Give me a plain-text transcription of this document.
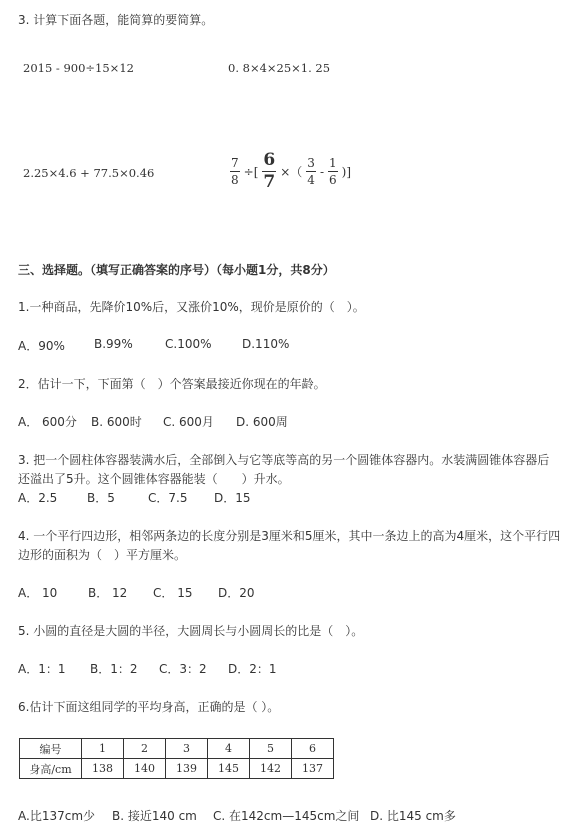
3. 计算下面各题，能简算的要简算。
2015 - 900÷15×12	0. 8×4×25×1. 25
2.25×4.6 + 77.5×0.46	$\frac{7}{8}$ ÷[ $\frac{6}{7}$ ×（ $\frac{3}{4} - \frac{1}{6}$ )]
三、选择题。（填写正确答案的序号）（每小题1分，共8分）
1.一种商品，先降价10%后，又涨价10%，现价是原价的（　）。
A．90% B.99%	C.100%	D.110%
2．估计一下，下面第（　）个答案最接近你现在的年龄。
A． 600分 B. 600时 C. 600月 D. 600周
3. 把一个圆柱体容器装满水后，全部倒入与它等底等高的另一个圆锥体容器内。水装满圆锥体容器后
还溢出了5升。这个圆锥体容器能装（　　）升水。
A．2.5 B．5	C．7.5 D．15
4. 一个平行四边形，相邻两条边的长度分别是3厘米和5厘米，其中一条边上的高为4厘米，这个平行四
边形的面积为（　）平方厘米。
A． 10	B． 12 C． 15 D．20
5. 小圆的直径是大圆的半径，大圆周长与小圆周长的比是（　）。
A．1：1 B．1：2 C．3：2 D．2：1
6.估计下面这组同学的平均身高，正确的是（ ）。
编号	1	2	3	4	5	6
身高/cm	138	140	139	145	142	137
A.比137cm少 B. 接近140 cm C. 在142cm—145cm之间 D. 比145 cm多
